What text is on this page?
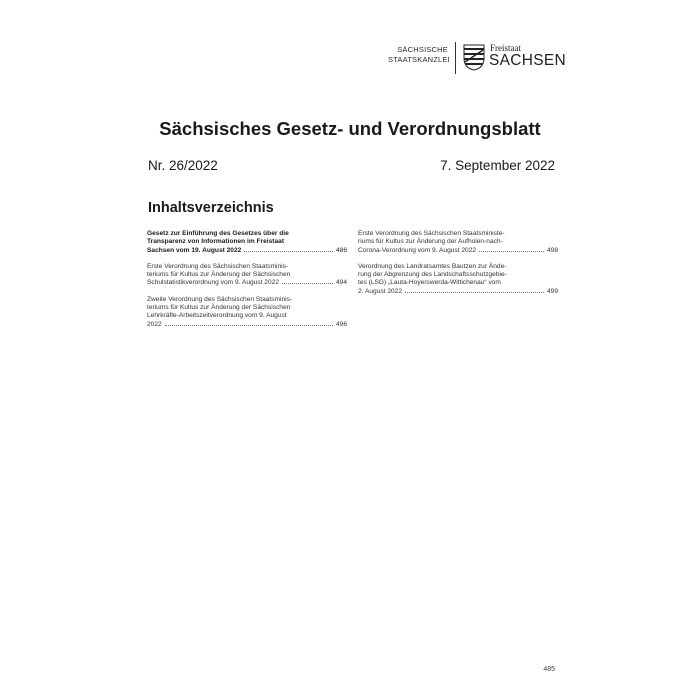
SÄCHSISCHE
STAATSKANZLEI
Freistaat
SACHSEN
Sächsisches Gesetz- und Verordnungsblatt
Nr. 26/2022	7. September 2022
Inhaltsverzeichnis
Gesetz zur Einführung des Gesetzes über die
Transparenz von Informationen im Freistaat
Sachsen vom 19. August 2022	486
Erste Verordnung des Sächsischen Staatsminis-
teriums für Kultus zur Änderung der Sächsischen
Schulstatistikverordnung vom 9. August 2022	494
Zweite Verordnung des Sächsischen Staatsminis-
teriums für Kultus zur Änderung der Sächsischen
Lehrkräfte-Arbeitszeitverordnung vom 9. August
2022	496
Erste Verordnung des Sächsischen Staatsministe-
riums für Kultus zur Änderung der Aufholen-nach-
Corona-Verordnung vom 9. August 2022	498
Verordnung des Landratsamtes Bautzen zur Ände-
rung der Abgrenzung des Landschaftsschutzgebie-
tes (LSG) „Lauta-Hoyerswerda-Wittichenau“ vom
2. August 2022	499
485
